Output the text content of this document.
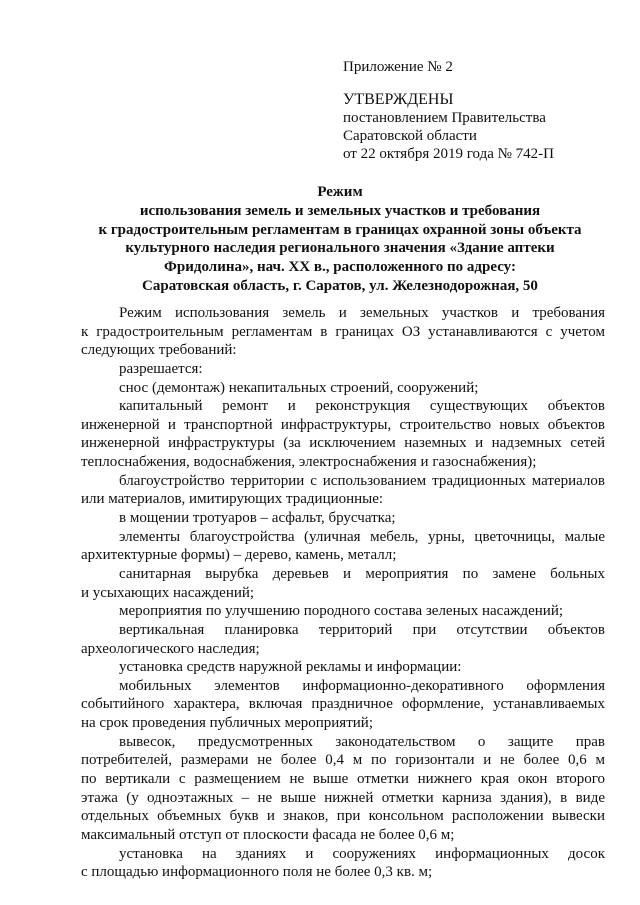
Приложение № 2
УТВЕРЖДЕНЫ
постановлением Правительства
Саратовской области
от 22 октября 2019 года № 742-П
Режим
использования земель и земельных участков и требования
к градостроительным регламентам в границах охранной зоны объекта
культурного наследия регионального значения «Здание аптеки
Фридолина», нач. XX в., расположенного по адресу:
Саратовская область, г. Саратов, ул. Железнодорожная, 50
Режим использования земель и земельных участков и требования
к градостроительным регламентам в границах ОЗ устанавливаются с учетом
следующих требований:
разрешается:
снос (демонтаж) некапитальных строений, сооружений;
капитальный ремонт и реконструкция существующих объектов
инженерной и транспортной инфраструктуры, строительство новых объектов
инженерной инфраструктуры (за исключением наземных и надземных сетей
теплоснабжения, водоснабжения, электроснабжения и газоснабжения);
благоустройство территории с использованием традиционных материалов
или материалов, имитирующих традиционные:
в мощении тротуаров – асфальт, брусчатка;
элементы благоустройства (уличная мебель, урны, цветочницы, малые
архитектурные формы) – дерево, камень, металл;
санитарная вырубка деревьев и мероприятия по замене больных
и усыхающих насаждений;
мероприятия по улучшению породного состава зеленых насаждений;
вертикальная планировка территорий при отсутствии объектов
археологического наследия;
установка средств наружной рекламы и информации:
мобильных элементов информационно-декоративного оформления
событийного характера, включая праздничное оформление, устанавливаемых
на срок проведения публичных мероприятий;
вывесок, предусмотренных законодательством о защите прав
потребителей, размерами не более 0,4 м по горизонтали и не более 0,6 м
по вертикали с размещением не выше отметки нижнего края окон второго
этажа (у одноэтажных – не выше нижней отметки карниза здания), в виде
отдельных объемных букв и знаков, при консольном расположении вывески
максимальный отступ от плоскости фасада не более 0,6 м;
установка на зданиях и сооружениях информационных досок
с площадью информационного поля не более 0,3 кв. м;
